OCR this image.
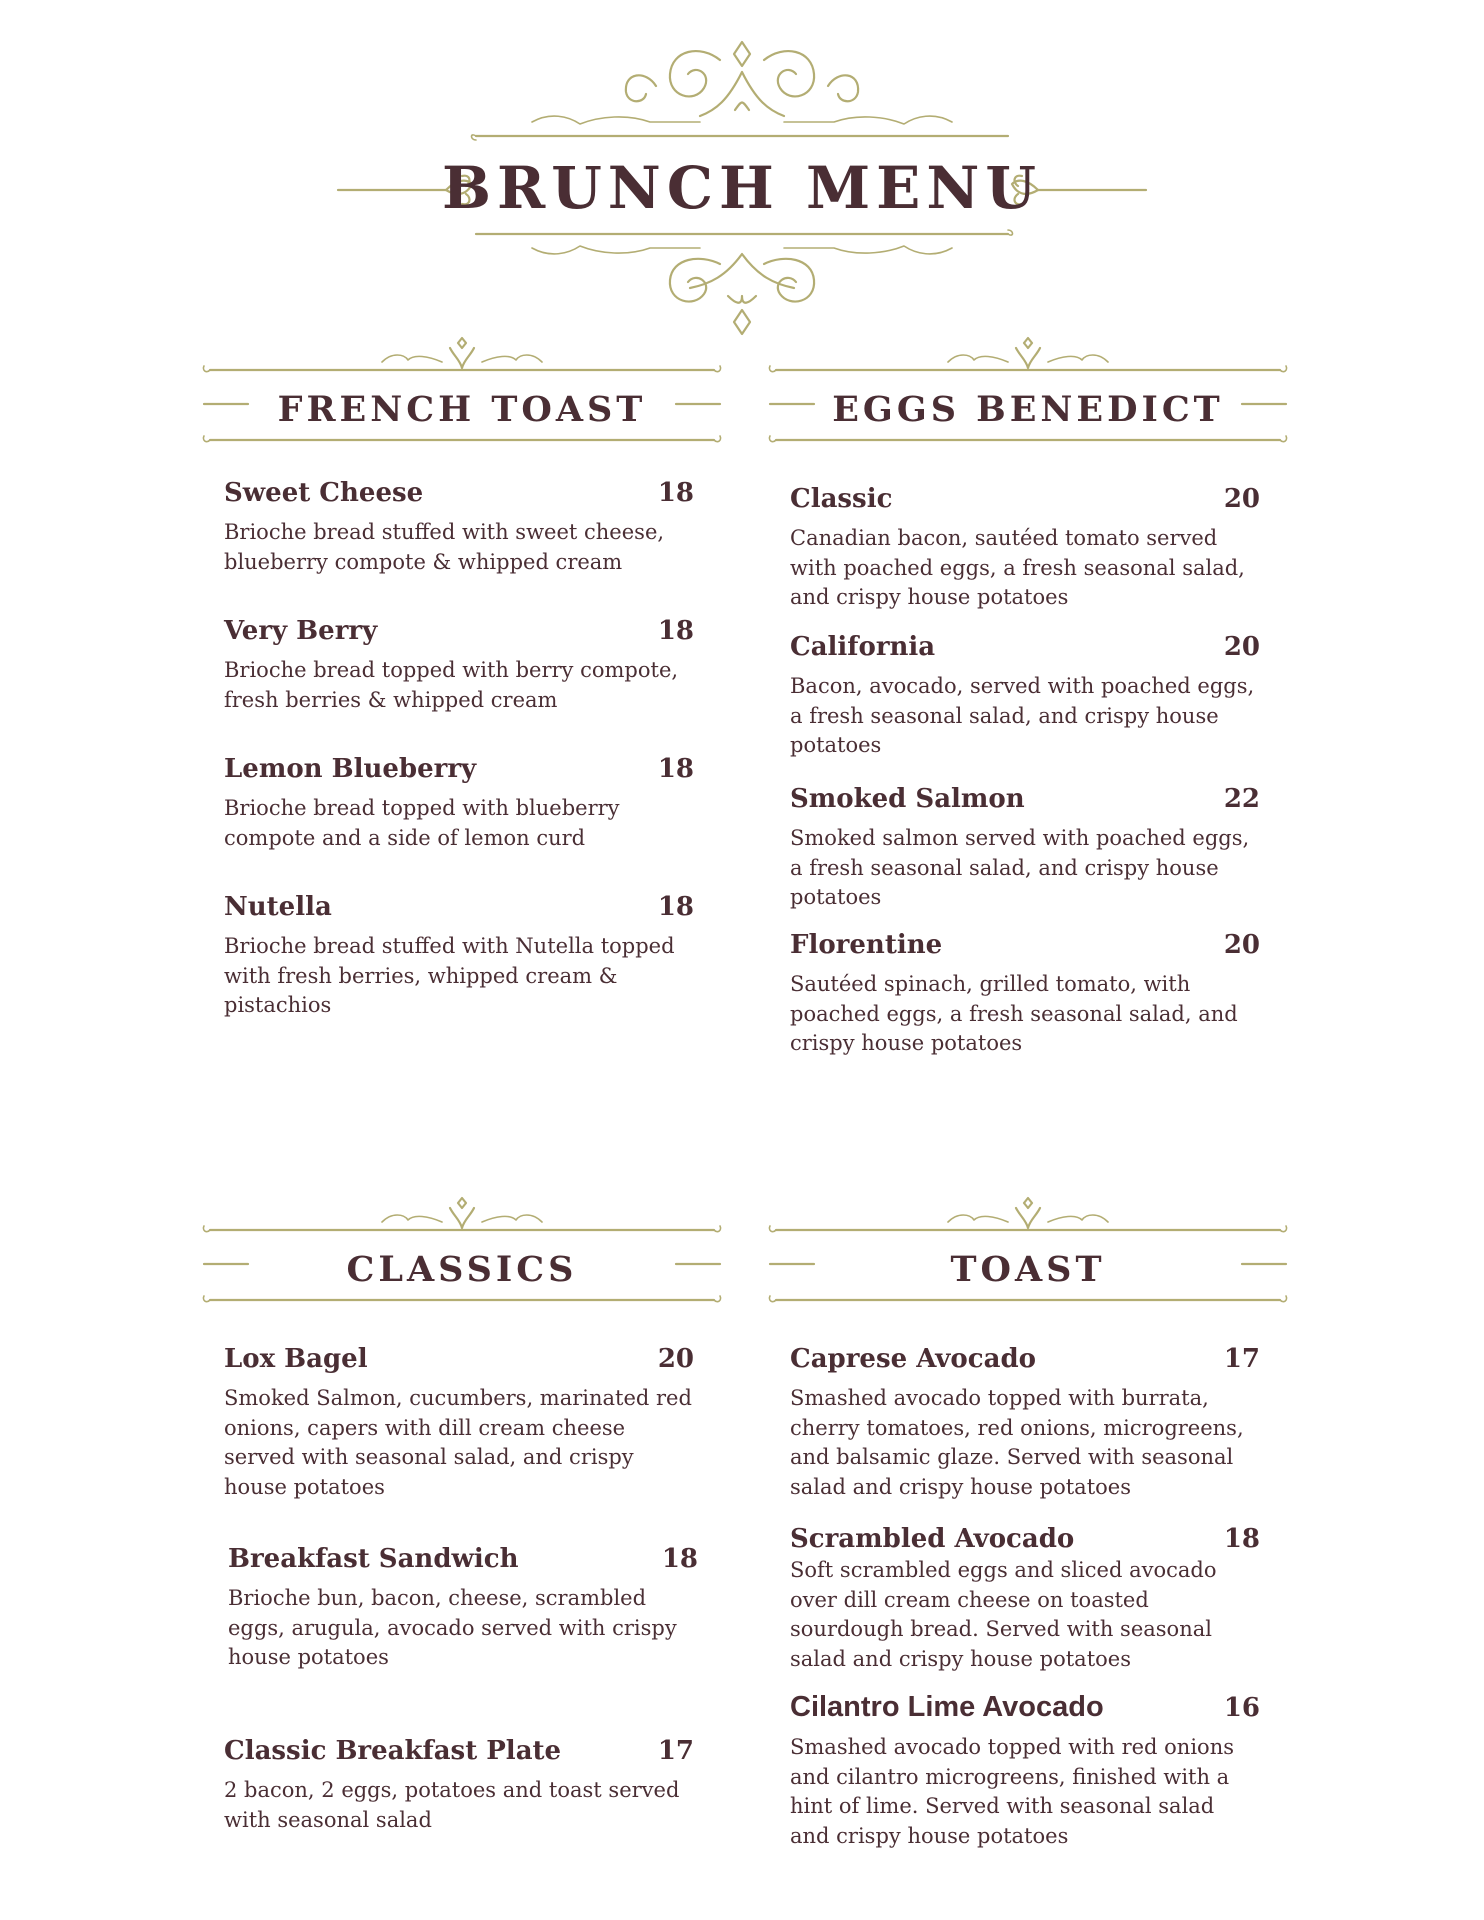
BRUNCH MENU
FRENCH TOAST
Sweet Cheese	18
Brioche bread stuffed with sweet cheese, blueberry compote & whipped cream
Very Berry	18
Brioche bread topped with berry compote, fresh berries & whipped cream
Lemon Blueberry	18
Brioche bread topped with blueberry compote and a side of lemon curd
Nutella	18
Brioche bread stuffed with Nutella topped with fresh berries, whipped cream & pistachios
EGGS BENEDICT
Classic	20
Canadian bacon, sautéed tomato served with poached eggs, a fresh seasonal salad, and crispy house potatoes
California	20
Bacon, avocado, served with poached eggs, a fresh seasonal salad, and crispy house potatoes
Smoked Salmon	22
Smoked salmon served with poached eggs, a fresh seasonal salad, and crispy house potatoes
Florentine	20
Sautéed spinach, grilled tomato, with poached eggs, a fresh seasonal salad, and crispy house potatoes
CLASSICS
Lox Bagel	20
Smoked Salmon, cucumbers, marinated red onions, capers with dill cream cheese served with seasonal salad, and crispy house potatoes
Breakfast Sandwich	18
Brioche bun, bacon, cheese, scrambled eggs, arugula, avocado served with crispy house potatoes
Classic Breakfast Plate	17
2 bacon, 2 eggs, potatoes and toast served with seasonal salad
TOAST
Caprese Avocado	17
Smashed avocado topped with burrata, cherry tomatoes, red onions, microgreens, and balsamic glaze. Served with seasonal salad and crispy house potatoes
Scrambled Avocado	18
Soft scrambled eggs and sliced avocado over dill cream cheese on toasted sourdough bread. Served with seasonal salad and crispy house potatoes
Cilantro Lime Avocado	16
Smashed avocado topped with red onions and cilantro microgreens, finished with a hint of lime. Served with seasonal salad and crispy house potatoes
